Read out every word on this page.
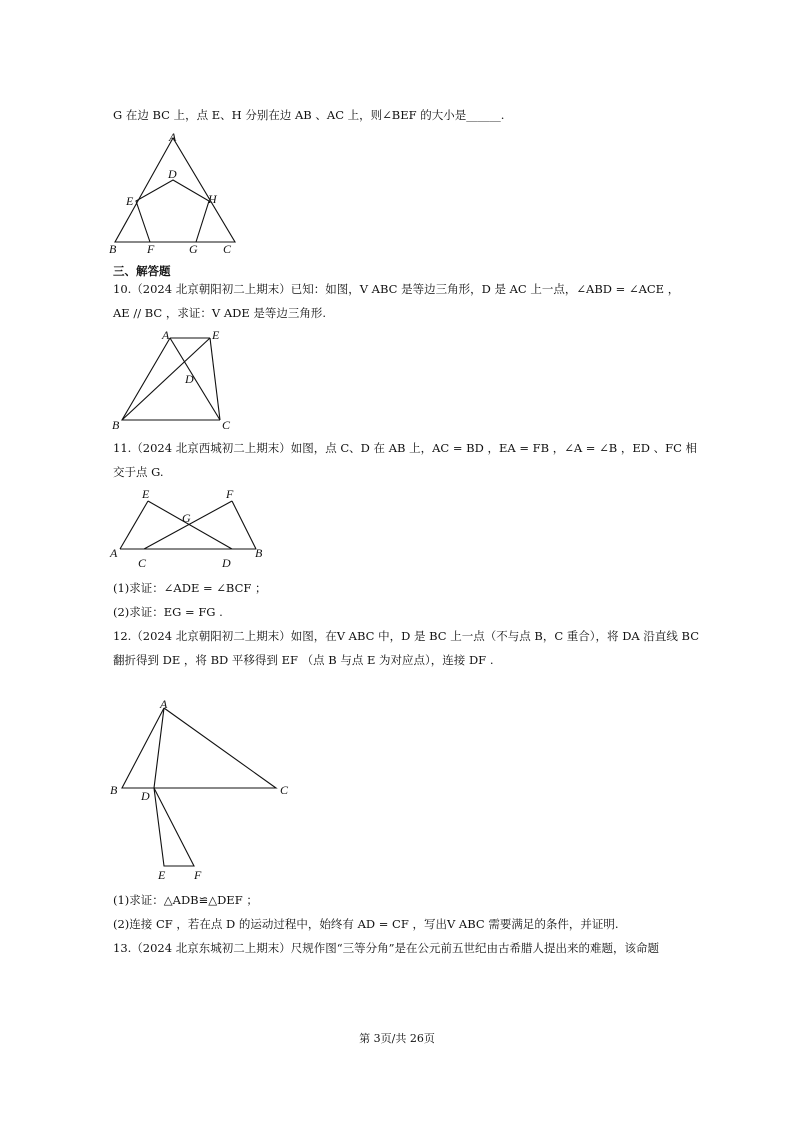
G 在边 BC 上，点 E、H 分别在边 AB 、AC 上，则∠BEF 的大小是______.
A
D
E	H
B	F	G C
三、解答题
10.（2024 北京朝阳初二上期末）已知：如图，V ABC 是等边三角形，D 是 AC 上一点，∠ABD = ∠ACE ，
AE // BC ，求证：V ADE 是等边三角形.
A	E
D
B	C
11.（2024 北京西城初二上期末）如图，点 C、D 在 AB 上，AC = BD ，EA = FB ，∠A = ∠B ，ED 、FC 相
交于点 G.
E	F
G
A
C	D
B
(1)求证：∠ADE = ∠BCF ；
(2)求证：EG = FG .
12.（2024 北京朝阳初二上期末）如图，在V ABC 中，D 是 BC 上一点（不与点 B，C 重合），将 DA 沿直线 BC
翻折得到 DE ，将 BD 平移得到 EF （点 B 与点 E 为对应点），连接 DF .
A
B D	C
E F
(1)求证：△ADB≌△DEF ；
(2)连接 CF ，若在点 D 的运动过程中，始终有 AD = CF ，写出V ABC 需要满足的条件，并证明.
13.（2024 北京东城初二上期末）尺规作图“三等分角”是在公元前五世纪由古希腊人提出来的难题，该命题
第 3页/共 26页
